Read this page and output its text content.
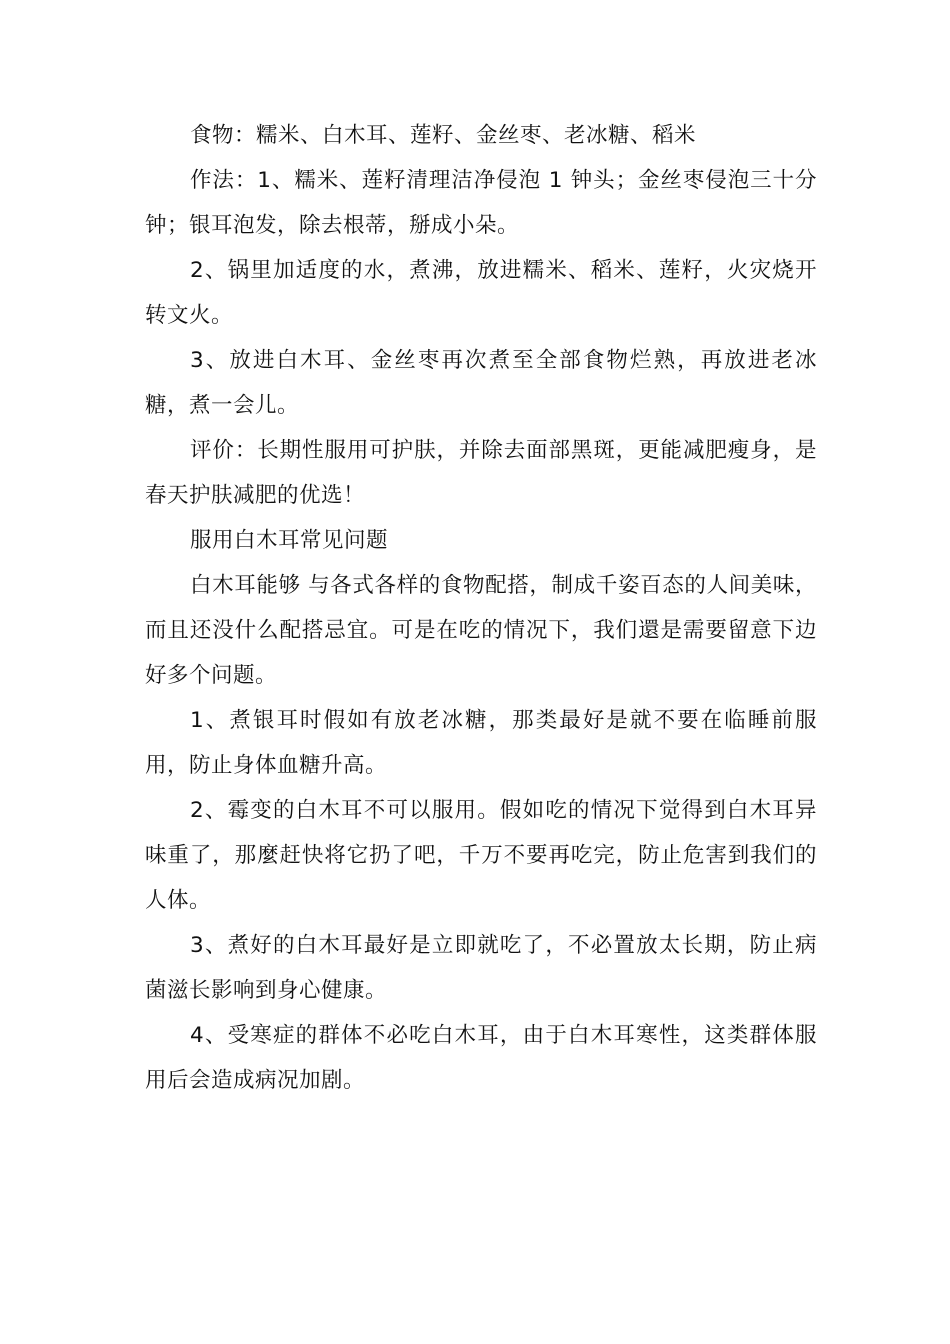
食物：糯米、白木耳、莲籽、金丝枣、老冰糖、稻米

作法：1、糯米、莲籽清理洁净侵泡 1 钟头；金丝枣侵泡三十分钟；银耳泡发，除去根蒂，掰成小朵。

2、锅里加适度的水，煮沸，放进糯米、稻米、莲籽，火灾烧开转文火。

3、放进白木耳、金丝枣再次煮至全部食物烂熟，再放进老冰糖，煮一会儿。

评价：长期性服用可护肤，并除去面部黑斑，更能减肥瘦身，是春天护肤减肥的优选！

服用白木耳常见问题

白木耳能够 与各式各样的食物配搭，制成千姿百态的人间美味，而且还没什么配搭忌宜。可是在吃的情况下，我们還是需要留意下边好多个问题。

1、煮银耳时假如有放老冰糖，那类最好是就不要在临睡前服用，防止身体血糖升高。

2、霉变的白木耳不可以服用。假如吃的情况下觉得到白木耳异味重了，那麼赶快将它扔了吧，千万不要再吃完，防止危害到我们的人体。

3、煮好的白木耳最好是立即就吃了，不必置放太长期，防止病菌滋长影响到身心健康。

4、受寒症的群体不必吃白木耳，由于白木耳寒性，这类群体服用后会造成病况加剧。
